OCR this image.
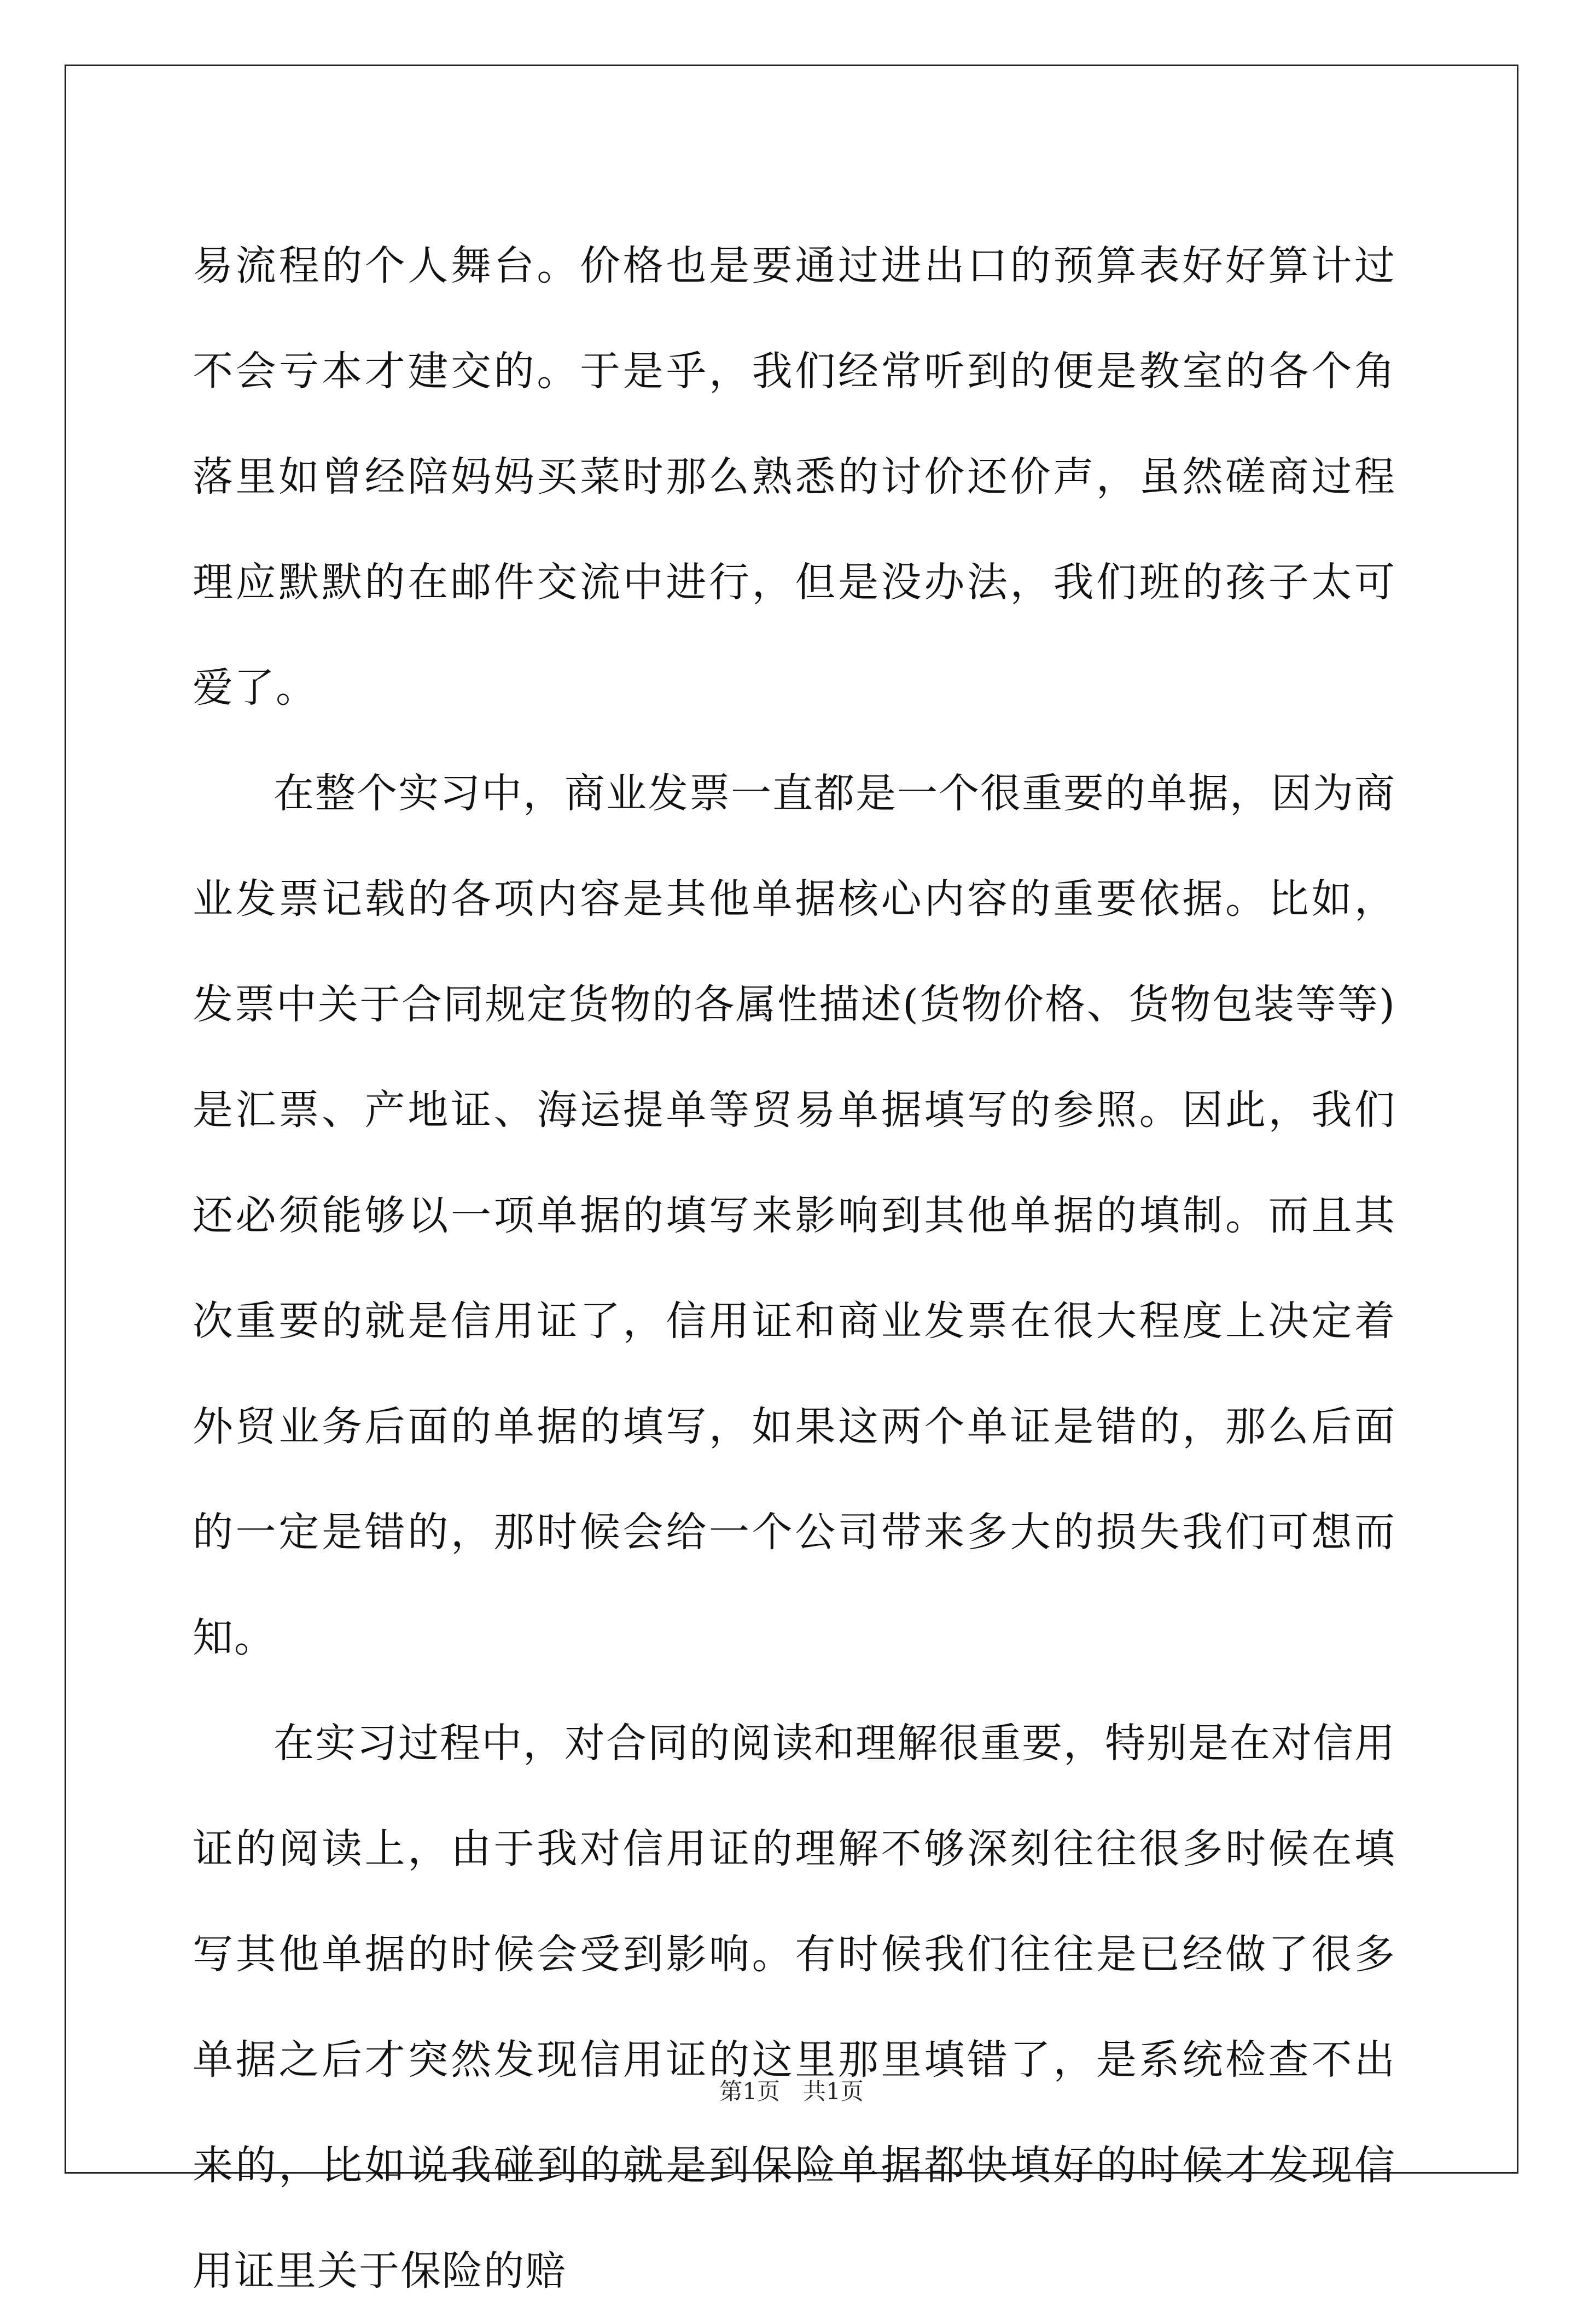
易流程的个人舞台。价格也是要通过进出口的预算表好好算计过不会亏本才建交的。于是乎，我们经常听到的便是教室的各个角落里如曾经陪妈妈买菜时那么熟悉的讨价还价声，虽然磋商过程理应默默的在邮件交流中进行，但是没办法，我们班的孩子太可爱了。

在整个实习中，商业发票一直都是一个很重要的单据，因为商业发票记载的各项内容是其他单据核心内容的重要依据。比如，发票中关于合同规定货物的各属性描述(货物价格、货物包装等等)是汇票、产地证、海运提单等贸易单据填写的参照。因此，我们还必须能够以一项单据的填写来影响到其他单据的填制。而且其次重要的就是信用证了，信用证和商业发票在很大程度上决定着外贸业务后面的单据的填写，如果这两个单证是错的，那么后面的一定是错的，那时候会给一个公司带来多大的损失我们可想而知。

在实习过程中，对合同的阅读和理解很重要，特别是在对信用证的阅读上，由于我对信用证的理解不够深刻往往很多时候在填写其他单据的时候会受到影响。有时候我们往往是已经做了很多单据之后才突然发现信用证的这里那里填错了，是系统检查不出来的，比如说我碰到的就是到保险单据都快填好的时候才发现信用证里关于保险的赔

第1页　共1页
